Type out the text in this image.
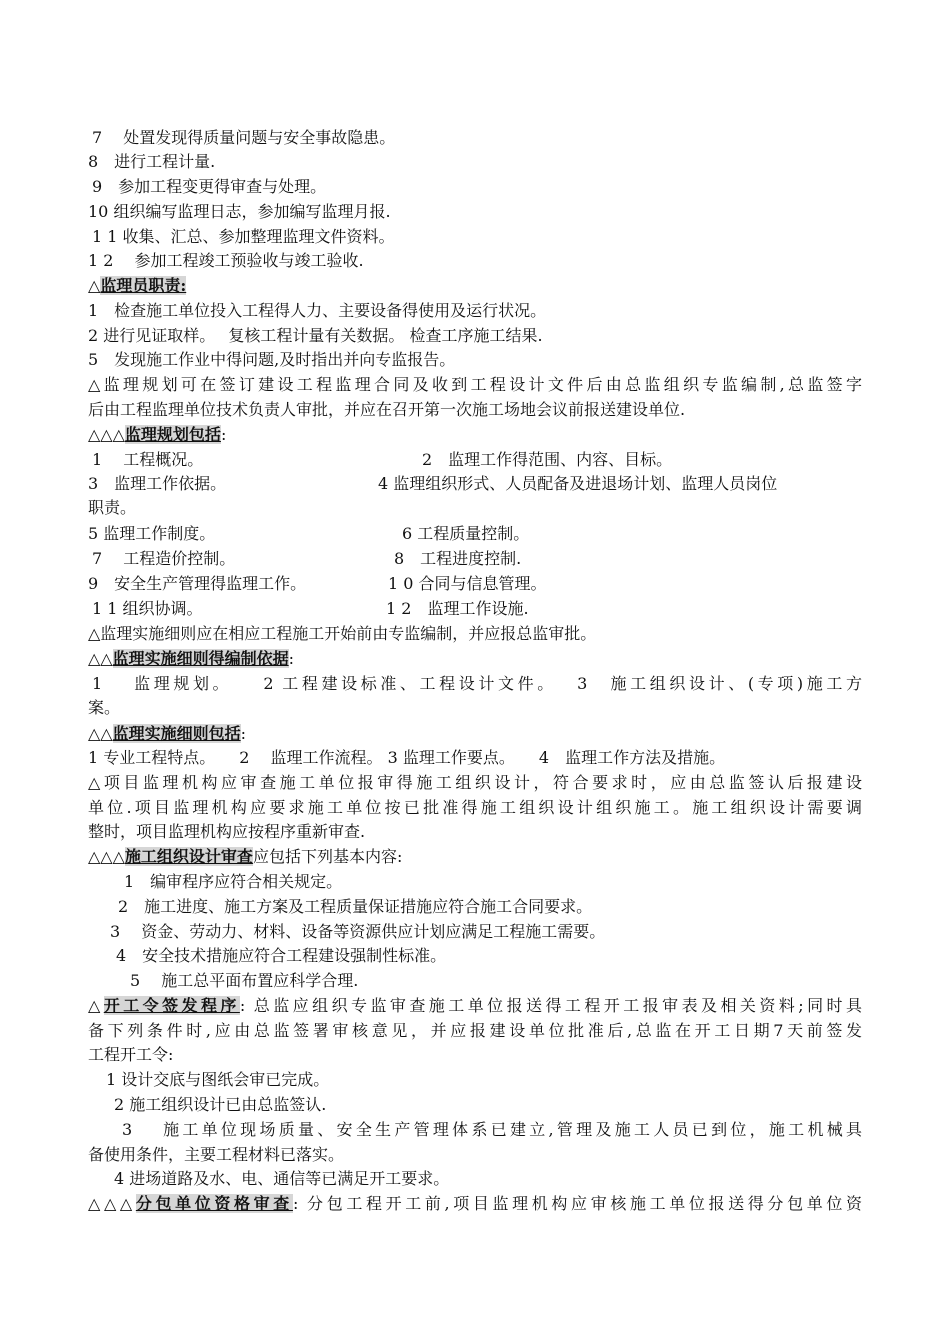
7　 处置发现得质量问题与安全事故隐患。
8　进行工程计量.
9　参加工程变更得审查与处理。
10 组织编写监理日志，参加编写监理月报.
1 1 收集、汇总、参加整理监理文件资料。
1 2　 参加工程竣工预验收与竣工验收.
△监理员职责:
1　检查施工单位投入工程得人力、主要设备得使用及运行状况。
2 进行见证取样。　 复核工程计量有关数据。 检查工序施工结果.
5　发现施工作业中得问题,及时指出并向专监报告。
△监理规划可在签订建设工程监理合同及收到工程设计文件后由总监组织专监编制,总监签字
后由工程监理单位技术负责人审批，并应在召开第一次施工场地会议前报送建设单位.
△△△监理规划包括:
1　 工程概况。	2　监理工作得范围、内容、目标。
3　监理工作依据。	4 监理组织形式、人员配备及进退场计划、监理人员岗位
职责。
5 监理工作制度。	6 工程质量控制。
7　 工程造价控制。	8　工程进度控制.
9　安全生产管理得监理工作。	1 0 合同与信息管理。
1 1 组织协调。	1 2　监理工作设施.
△监理实施细则应在相应工程施工开始前由专监编制，并应报总监审批。
△△监理实施细则得编制依据:
1　 监理规划。　　2 工程建设标准、工程设计文件。　 3　施工组织设计、(专项)施工方
案。
△△监理实施细则包括:
1 专业工程特点。　　2　 监理工作流程。 3 监理工作要点。　　4　监理工作方法及措施。
△项目监理机构应审查施工单位报审得施工组织设计，符合要求时，应由总监签认后报建设
单位.项目监理机构应要求施工单位按已批准得施工组织设计组织施工。施工组织设计需要调
整时，项目监理机构应按程序重新审查.
△△△施工组织设计审查应包括下列基本内容:
1　编审程序应符合相关规定。
2　施工进度、施工方案及工程质量保证措施应符合施工合同要求。
3　 资金、劳动力、材料、设备等资源供应计划应满足工程施工需要。
4　安全技术措施应符合工程建设强制性标准。
5　 施工总平面布置应科学合理.
△开工令签发程序: 总监应组织专监审查施工单位报送得工程开工报审表及相关资料;同时具
备下列条件时,应由总监签署审核意见，并应报建设单位批准后,总监在开工日期7天前签发
工程开工令:
1 设计交底与图纸会审已完成。
2 施工组织设计已由总监签认.
3　 施工单位现场质量、安全生产管理体系已建立,管理及施工人员已到位，施工机械具
备使用条件，主要工程材料已落实。
4 进场道路及水、电、通信等已满足开工要求。
△△△分包单位资格审查: 分包工程开工前,项目监理机构应审核施工单位报送得分包单位资
